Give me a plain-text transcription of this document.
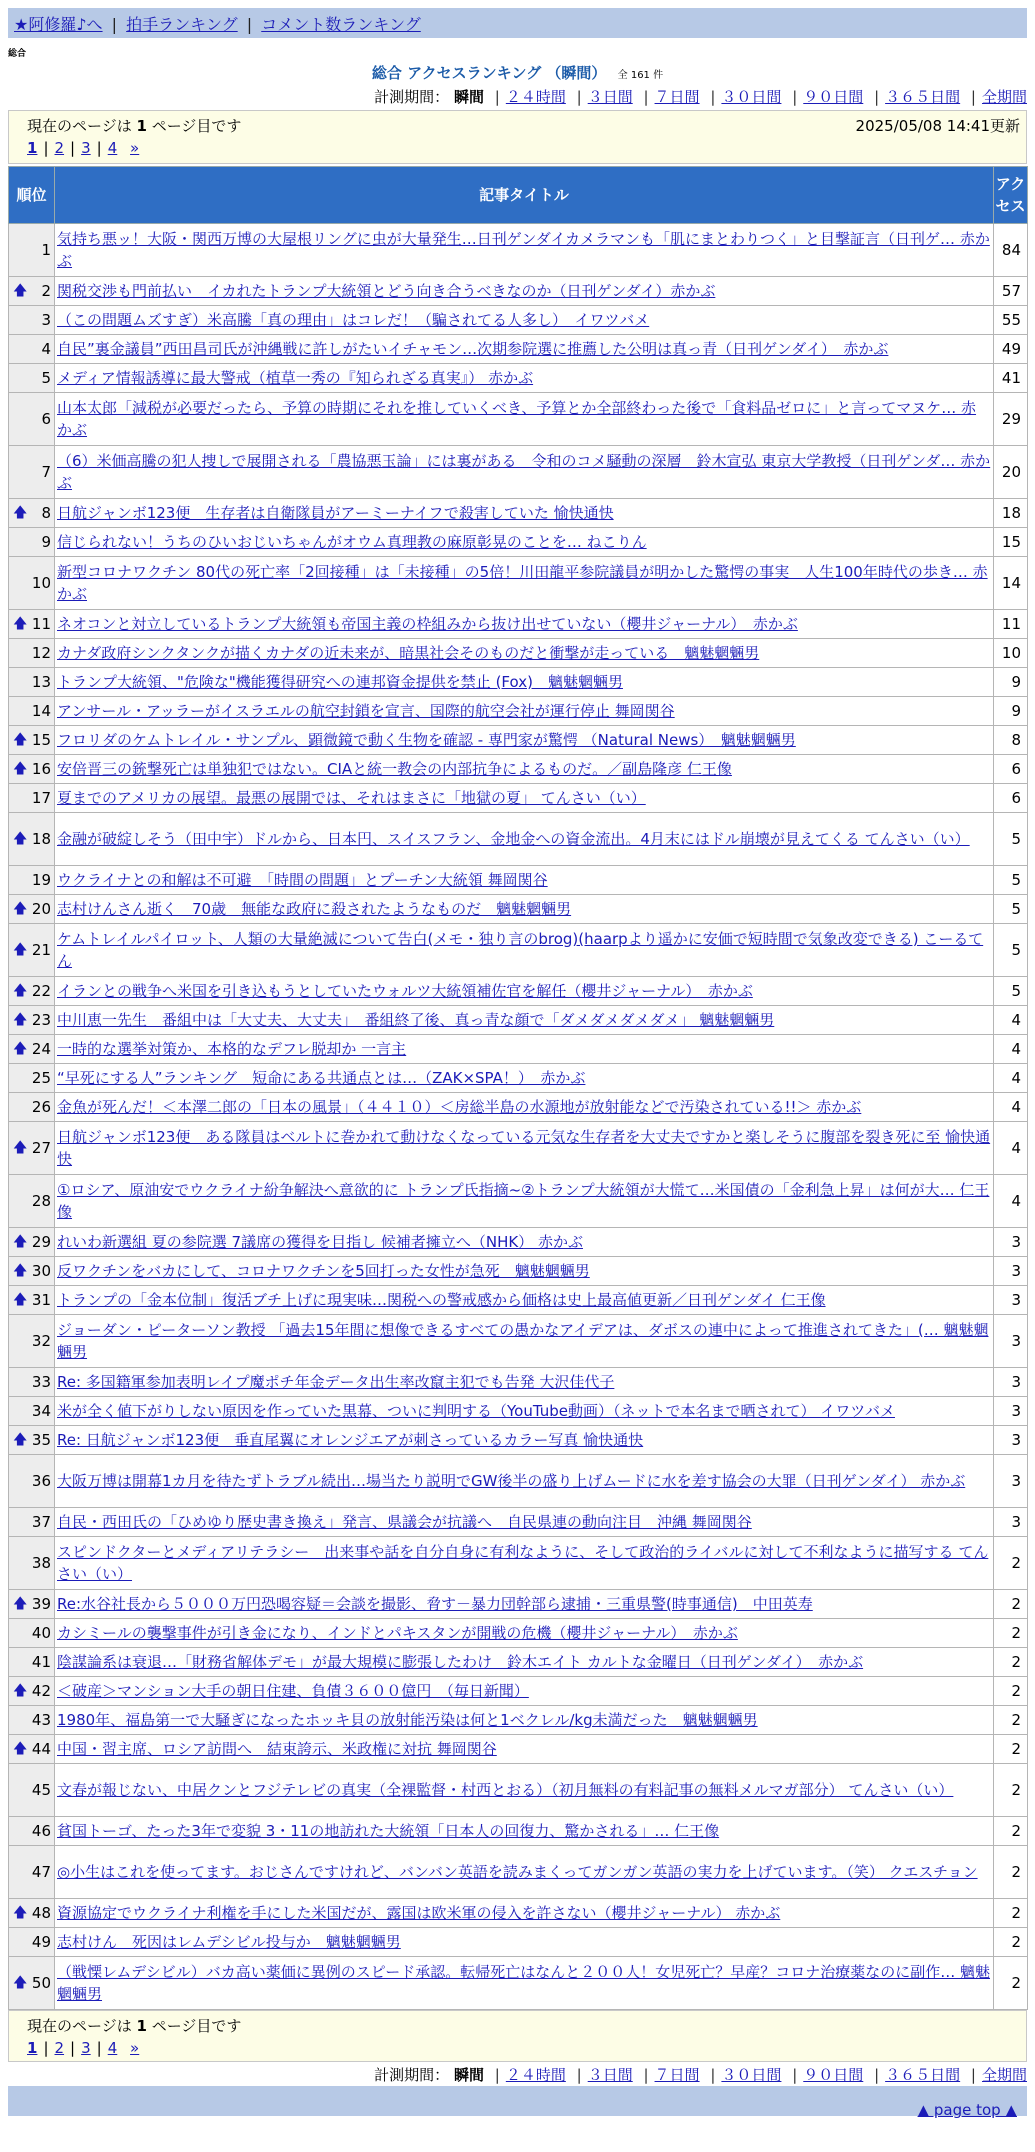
★阿修羅♪へ | 拍手ランキング | コメント数ランキング
総合
総合 アクセスランキング （瞬間） 全 161 件
計測期間： 瞬間 | ２４時間 | ３日間 | ７日間 | ３０日間 | ９０日間 | ３６５日間 | 全期間
現在のページは 1 ページ目です	2025/05/08 14:41更新
1 | 2 | 3 | 4 »
順位	記事タイトル	アクセス
1	気持ち悪ッ！大阪・関西万博の大屋根リングに虫が大量発生…日刊ゲンダイカメラマンも「肌にまとわりつく」と目撃証言（日刊ゲ… 赤かぶ	84

🡅 2	関税交渉も門前払い　イカれたトランプ大統領とどう向き合うべきなのか（日刊ゲンダイ）赤かぶ	57
3	（この問題ムズすぎ）米高騰「真の理由」はコレだ！（騙されてる人多し）　イワツバメ	55
4	自民”裏金議員”西田昌司氏が沖縄戦に許しがたいイチャモン…次期参院選に推薦した公明は真っ青（日刊ゲンダイ）　赤かぶ	49
5	メディア情報誘導に最大警戒（植草一秀の『知られざる真実』） 赤かぶ	41
6	山本太郎「減税が必要だったら、予算の時期にそれを推していくべき、予算とか全部終わった後で「食料品ゼロに」と言ってマヌケ… 赤かぶ	29
7	（6）米価高騰の犯人捜しで展開される「農協悪玉論」には裏がある　令和のコメ騒動の深層　鈴木宣弘 東京大学教授（日刊ゲンダ… 赤かぶ	20

🡅 8	日航ジャンボ123便　生存者は自衛隊員がアーミーナイフで殺害していた 愉快通快	18
9	信じられない！うちのひいおじいちゃんがオウム真理教の麻原彰晃のことを… ねこりん	15
10	新型コロナワクチン 80代の死亡率「2回接種」は「未接種」の5倍！川田龍平参院議員が明かした驚愕の事実　人生100年時代の歩き… 赤かぶ	14

🡅 11	ネオコンと対立しているトランプ大統領も帝国主義の枠組みから抜け出せていない（櫻井ジャーナル）　赤かぶ	11
12	カナダ政府シンクタンクが描くカナダの近未来が、暗黒社会そのものだと衝撃が走っている　魑魅魍魎男	10
13	トランプ大統領、"危険な"機能獲得研究への連邦資金提供を禁止 (Fox)　魑魅魍魎男	9
14	アンサール・アッラーがイスラエルの航空封鎖を宣言、国際的航空会社が運行停止 舞岡関谷	9

🡅 15	フロリダのケムトレイル・サンプル、顕微鏡で動く生物を確認 - 専門家が驚愕 （Natural News）　魑魅魍魎男	8

🡅 16	安倍晋三の銃撃死亡は単独犯ではない。CIAと統一教会の内部抗争によるものだ。／副島隆彦 仁王像	6
17	夏までのアメリカの展望。最悪の展開では、それはまさに「地獄の夏」 てんさい（い）	6

🡅 18	金融が破綻しそう（田中宇）ドルから、日本円、スイスフラン、金地金への資金流出。4月末にはドル崩壊が見えてくる てんさい（い）	5
19	ウクライナとの和解は不可避　「時間の問題」とプーチン大統領 舞岡関谷	5

🡅 20	志村けんさん逝く　70歳　無能な政府に殺されたようなものだ　魑魅魍魎男	5

🡅 21	ケムトレイルパイロット、人類の大量絶滅について告白(メモ・独り言のbrog)(haarpより遥かに安価で短時間で気象改変できる) こーるてん	5

🡅 22	イランとの戦争へ米国を引き込もうとしていたウォルツ大統領補佐官を解任（櫻井ジャーナル）　赤かぶ	5

🡅 23	中川恵一先生　番組中は「大丈夫、大丈夫」　番組終了後、真っ青な顔で「ダメダメダメダメ」 魑魅魍魎男	4

🡅 24	一時的な選挙対策か、本格的なデフレ脱却か 一言主	4
25	“早死にする人”ランキング　短命にある共通点とは…（ZAK×SPA！）　赤かぶ	4
26	金魚が死んだ！＜本澤二郎の「日本の風景」（４４１０）＜房総半島の水源地が放射能などで汚染されている!!＞ 赤かぶ	4

🡅 27	日航ジャンボ123便　ある隊員はベルトに巻かれて動けなくなっている元気な生存者を大丈夫ですかと楽しそうに腹部を裂き死に至 愉快通快	4
28	①ロシア、原油安でウクライナ紛争解決へ意欲的に トランプ氏指摘~②トランプ大統領が大慌て…米国債の「金利急上昇」は何が大… 仁王像	4

🡅 29	れいわ新選組 夏の参院選 7議席の獲得を目指し 候補者擁立へ（NHK） 赤かぶ	3

🡅 30	反ワクチンをバカにして、コロナワクチンを5回打った女性が急死　魑魅魍魎男	3

🡅 31	トランプの「金本位制」復活ブチ上げに現実味…関税への警戒感から価格は史上最高値更新／日刊ゲンダイ 仁王像	3
32	ジョーダン・ピーターソン教授 「過去15年間に想像できるすべての愚かなアイデアは、ダボスの連中によって推進されてきた」(… 魑魅魍魎男	3
33	Re: 多国籍軍参加表明レイプ魔ポチ年金データ出生率改竄主犯でも告発 大沢佳代子	3
34	米が全く値下がりしない原因を作っていた黒幕、ついに判明する（YouTube動画）（ネットで本名まで晒されて） イワツバメ	3

🡅 35	Re: 日航ジャンボ123便　垂直尾翼にオレンジエアが刺さっているカラー写真 愉快通快	3
36	大阪万博は開幕1カ月を待たずトラブル続出…場当たり説明でGW後半の盛り上げムードに水を差す協会の大罪（日刊ゲンダイ） 赤かぶ	3
37	自民・西田氏の「ひめゆり歴史書き換え」発言、県議会が抗議へ　自民県連の動向注目　沖縄 舞岡関谷	3
38	スピンドクターとメディアリテラシー　出来事や話を自分自身に有利なように、そして政治的ライバルに対して不利なように描写する てんさい（い）	2

🡅 39	Re:水谷社長から５０００万円恐喝容疑＝会談を撮影、脅す－暴力団幹部ら逮捕・三重県警(時事通信)　中田英寿	2
40	カシミールの襲撃事件が引き金になり、インドとパキスタンが開戦の危機（櫻井ジャーナル）　赤かぶ	2
41	陰謀論系は衰退…「財務省解体デモ」が最大規模に膨張したわけ　鈴木エイト カルトな金曜日（日刊ゲンダイ）　赤かぶ	2

🡅 42	＜破産＞マンション大手の朝日住建、負債３６００億円　（毎日新聞）	2
43	1980年、福島第一で大騒ぎになったホッキ貝の放射能汚染は何と1ベクレル/kg未満だった　魑魅魍魎男	2

🡅 44	中国・習主席、ロシア訪問へ　結束誇示、米政権に対抗 舞岡関谷	2
45	文春が報じない、中居クンとフジテレビの真実（全裸監督・村西とおる）（初月無料の有料記事の無料メルマガ部分） てんさい（い）	2
46	貧国トーゴ、たった3年で変貌 3・11の地訪れた大統領「日本人の回復力、驚かされる」… 仁王像	2
47	◎小生はこれを使ってます。おじさんですけれど、バンバン英語を読みまくってガンガン英語の実力を上げています。（笑） クエスチョン	2

🡅 48	資源協定でウクライナ利権を手にした米国だが、露国は欧米軍の侵入を許さない（櫻井ジャーナル） 赤かぶ	2
49	志村けん　死因はレムデシビル投与か　魑魅魍魎男	2

🡅 50	（戦慄レムデシビル）バカ高い薬価に異例のスピード承認。転帰死亡はなんと２００人！女児死亡？早産？コロナ治療薬なのに副作… 魑魅魍魎男	2
現在のページは 1 ページ目です
1 | 2 | 3 | 4 »
計測期間： 瞬間 | ２４時間 | ３日間 | ７日間 | ３０日間 | ９０日間 | ３６５日間 | 全期間
▲ page top ▲
